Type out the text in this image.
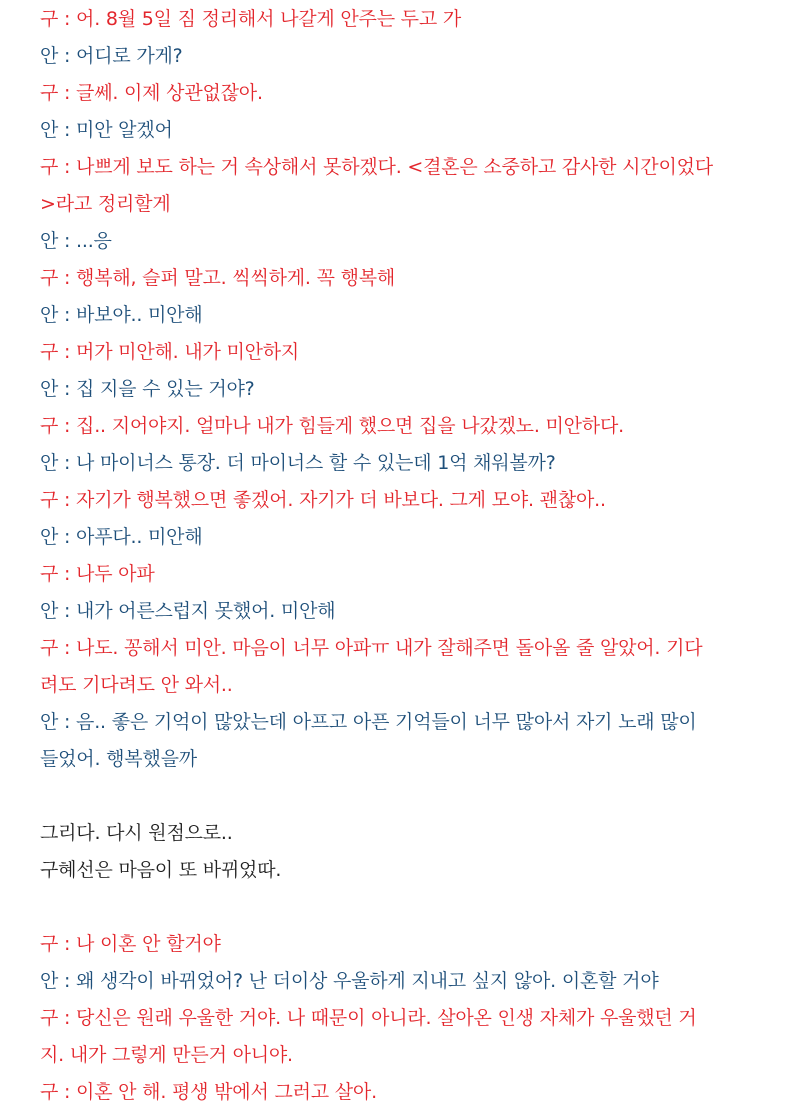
구 : 어. 8월 5일 짐 정리해서 나갈게 안주는 두고 가
안 : 어디로 가게?
구 : 글쎄. 이제 상관없잖아.
안 : 미안 알겠어
구 : 나쁘게 보도 하는 거 속상해서 못하겠다. <결혼은 소중하고 감사한 시간이었다
>라고 정리할게
안 : ...응
구 : 행복해, 슬퍼 말고. 씩씩하게. 꼭 행복해
안 : 바보야.. 미안해
구 : 머가 미안해. 내가 미안하지
안 : 집 지을 수 있는 거야?
구 : 집.. 지어야지. 얼마나 내가 힘들게 했으면 집을 나갔겠노. 미안하다.
안 : 나 마이너스 통장. 더 마이너스 할 수 있는데 1억 채워볼까?
구 : 자기가 행복했으면 좋겠어. 자기가 더 바보다. 그게 모야. 괜찮아..
안 : 아푸다.. 미안해
구 : 나두 아파
안 : 내가 어른스럽지 못했어. 미안해
구 : 나도. 꽁해서 미안. 마음이 너무 아파ㅠ 내가 잘해주면 돌아올 줄 알았어. 기다
려도 기다려도 안 와서..
안 : 음.. 좋은 기억이 많았는데 아프고 아픈 기억들이 너무 많아서 자기 노래 많이
들었어. 행복했을까
그리다. 다시 원점으로..
구혜선은 마음이 또 바뀌었따.
구 : 나 이혼 안 할거야
안 : 왜 생각이 바뀌었어? 난 더이상 우울하게 지내고 싶지 않아. 이혼할 거야
구 : 당신은 원래 우울한 거야. 나 때문이 아니라. 살아온 인생 자체가 우울했던 거
지. 내가 그렇게 만든거 아니야.
구 : 이혼 안 해. 평생 밖에서 그러고 살아.
